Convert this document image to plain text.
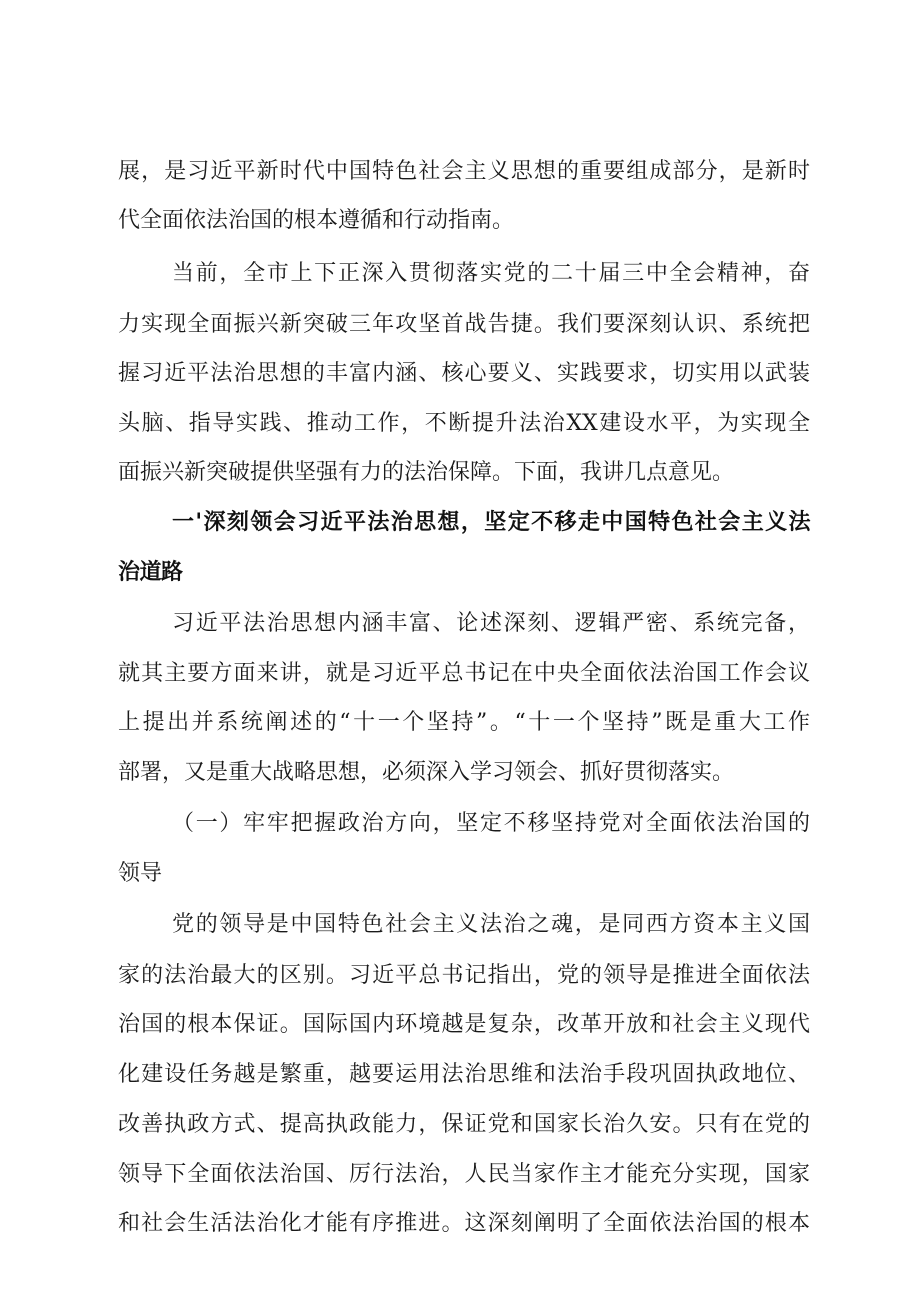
展，是习近平新时代中国特色社会主义思想的重要组成部分，是新时

代全面依法治国的根本遵循和行动指南。

当前，全市上下正深入贯彻落实党的二十届三中全会精神，奋

力实现全面振兴新突破三年攻坚首战告捷。我们要深刻认识、系统把

握习近平法治思想的丰富内涵、核心要义、实践要求，切实用以武装

头脑、指导实践、推动工作，不断提升法治XX建设水平，为实现全

面振兴新突破提供坚强有力的法治保障。下面，我讲几点意见。

一'深刻领会习近平法治思想，坚定不移走中国特色社会主义法

治道路

习近平法治思想内涵丰富、论述深刻、逻辑严密、系统完备，

就其主要方面来讲，就是习近平总书记在中央全面依法治国工作会议

上提出并系统阐述的“十一个坚持”。“十一个坚持”既是重大工作

部署，又是重大战略思想，必须深入学习领会、抓好贯彻落实。

（一）牢牢把握政治方向，坚定不移坚持党对全面依法治国的

领导

党的领导是中国特色社会主义法治之魂，是同西方资本主义国

家的法治最大的区别。习近平总书记指出，党的领导是推进全面依法

治国的根本保证。国际国内环境越是复杂，改革开放和社会主义现代

化建设任务越是繁重，越要运用法治思维和法治手段巩固执政地位、

改善执政方式、提高执政能力，保证党和国家长治久安。只有在党的

领导下全面依法治国、厉行法治，人民当家作主才能充分实现，国家

和社会生活法治化才能有序推进。这深刻阐明了全面依法治国的根本
